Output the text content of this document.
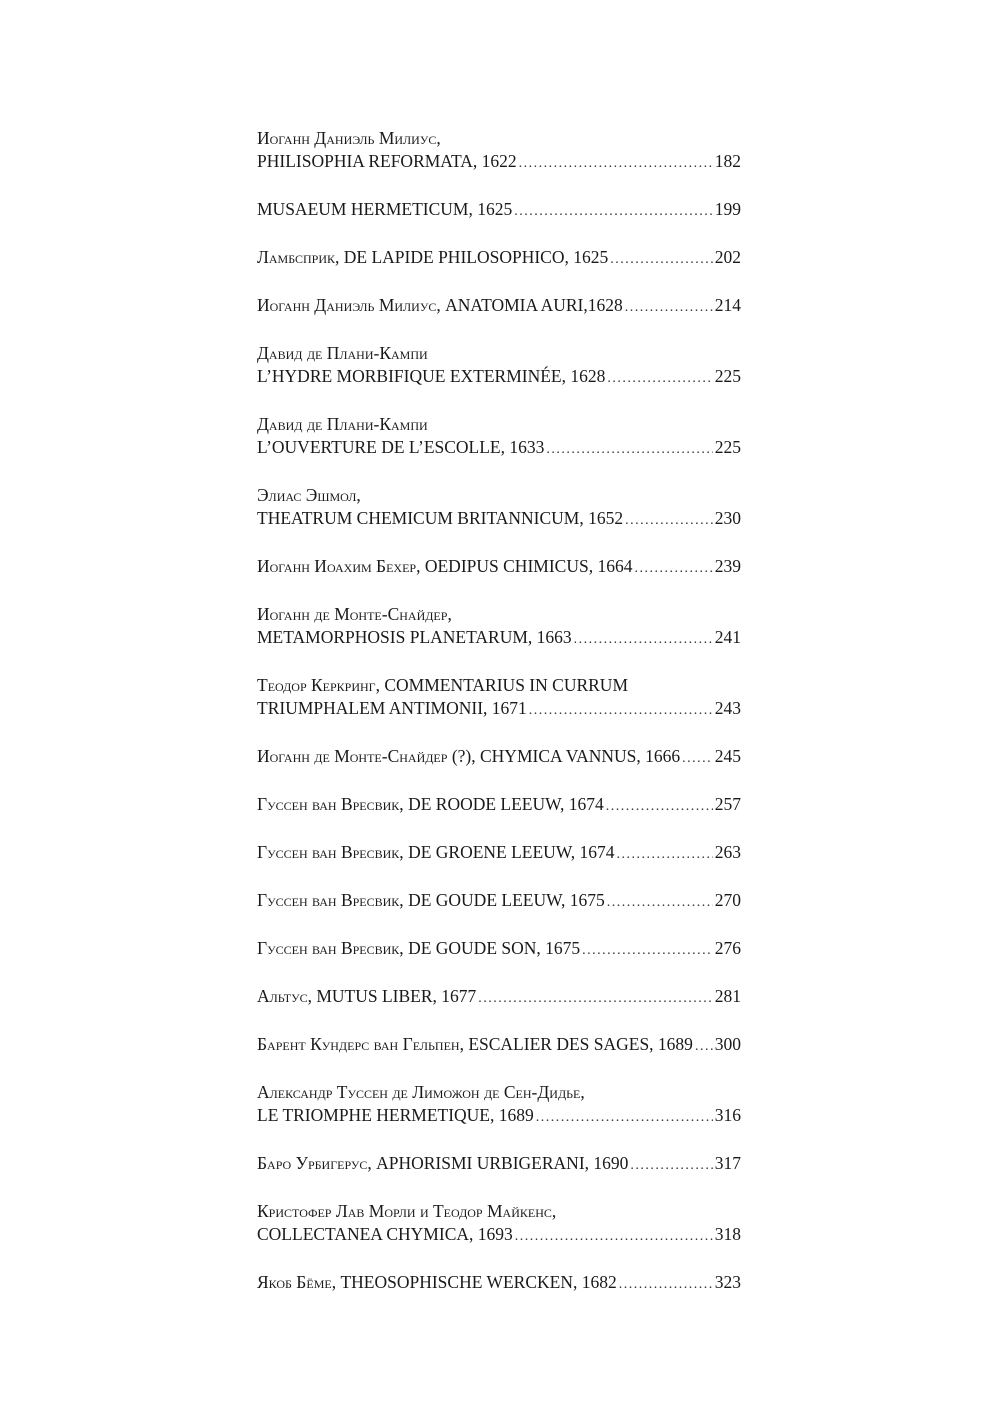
Иоганн Даниэль Милиус,
PHILISOPHIA REFORMATA, 1622 . . .	182
MUSAEUM HERMETICUM, 1625 . . .	199
Ламбсприк,
DE LAPIDE PHILOSOPHICO, 1625 . . .	202
Иоганн Даниэль Милиус,
ANATOMIA AURI,1628 . . .	214
Давид де Плани-Кампи
L’HYDRE MORBIFIQUE EXTERMINÉE, 1628 . . .	225
Давид де Плани-Кампи
L’OUVERTURE DE L’ESCOLLE, 1633 . . .	225
Элиас Эшмол,
THEATRUM CHEMICUM BRITANNICUM, 1652 . . .	230
Иоганн Иоахим Бехер,
OEDIPUS CHIMICUS, 1664 . . .	239
Иоганн де Монте-Снайдер,
METAMORPHOSIS PLANETARUM, 1663 . . .	241
Теодор Керкринг,
COMMENTARIUS IN CURRUM
TRIUMPHALEM ANTIMONII, 1671 . . .	243
Иоганн де Монте-Снайдер (?),
CHYMICA VANNUS, 1666 . . . 245
Гуссен ван Вресвик,
DE ROODE LEEUW, 1674 . . .	257
Гуссен ван Вресвик,
DE GROENE LEEUW, 1674 . . .	263
Гуссен ван Вресвик,
DE GOUDE LEEUW, 1675 . . .	270
Гуссен ван Вресвик,
DE GOUDE SON, 1675 . . .	276
Альтус,
MUTUS LIBER, 1677 . . .	281
Барент Кундерс ван Гельпен,
ESCALIER DES SAGES, 1689 . . . 300
Александр Туссен де Лиможон де Сен-Дидье,
LE TRIOMPHE HERMETIQUE, 1689 . . .	316
Баро Урбигерус,
APHORISMI URBIGERANI, 1690 . . .	317
Кристофер Лав Морли и Теодор Майкенс,
COLLECTANEA CHYMICA, 1693 . . .	318
Якоб Бёме,
THEOSOPHISCHE WERCKEN, 1682 . . .	323
